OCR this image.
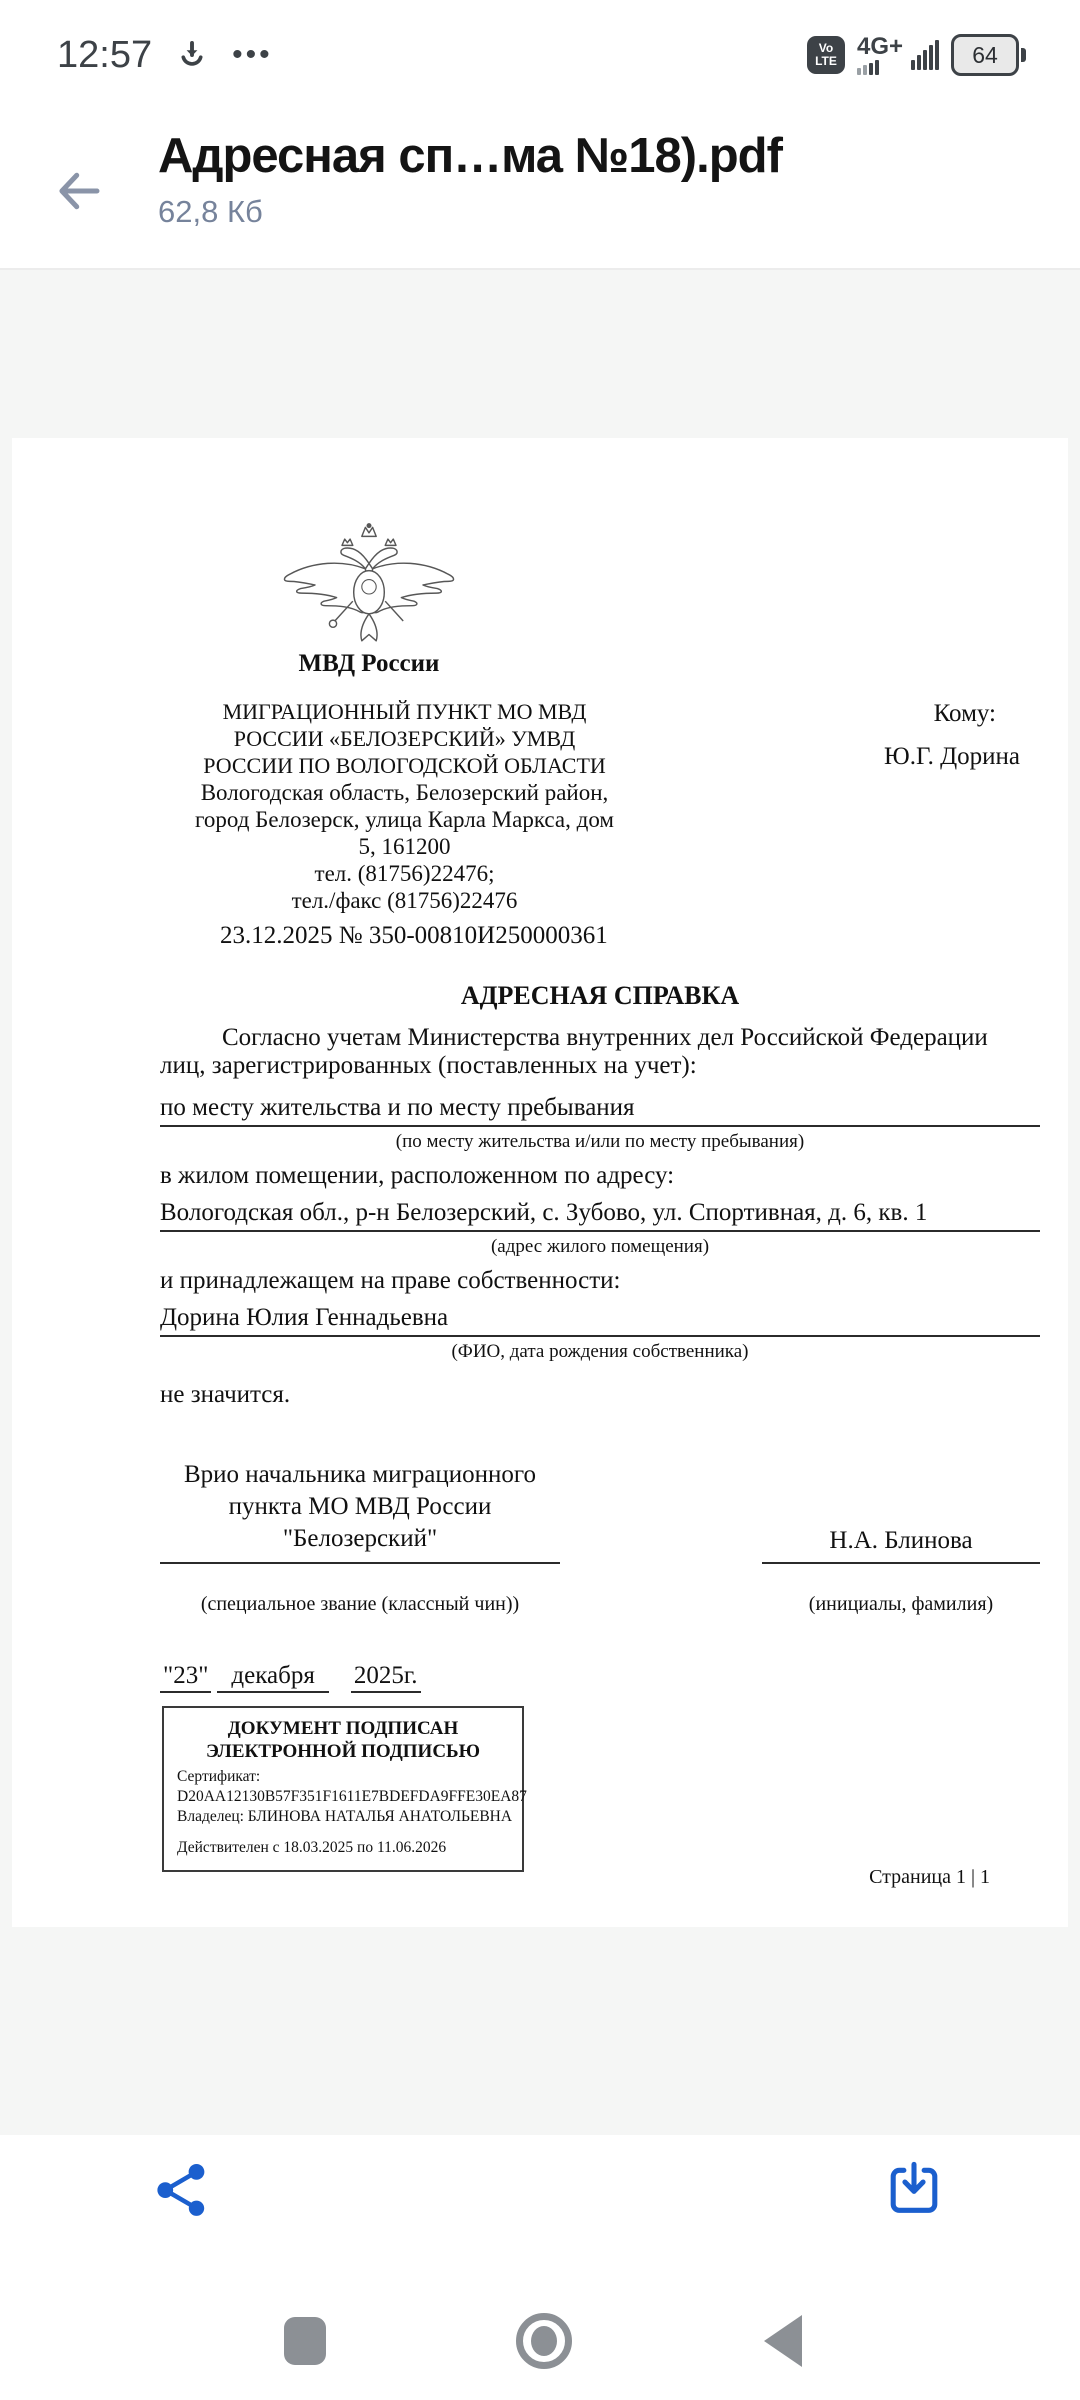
12:57	•••	Vo
LTE
4G+	64
Адресная сп…ма №18).pdf
62,8 Кб
МВД России
МИГРАЦИОННЫЙ ПУНКТ МО МВД
РОССИИ «БЕЛОЗЕРСКИЙ» УМВД
РОССИИ ПО ВОЛОГОДСКОЙ ОБЛАСТИ
Вологодская область, Белозерский район,
город Белозерск, улица Карла Маркса, дом
5, 161200
тел. (81756)22476;
тел./факс (81756)22476
Кому:
Ю.Г. Дорина
23.12.2025 № 350-00810И250000361
АДРЕСНАЯ СПРАВКА
Согласно учетам Министерства внутренних дел Российской Федерации
лиц, зарегистрированных (поставленных на учет):
по месту жительства и по месту пребывания
(по месту жительства и/или по месту пребывания)
в жилом помещении, расположенном по адресу:
Вологодская обл., р-н Белозерский, с. Зубово, ул. Спортивная, д. 6, кв. 1
(адрес жилого помещения)
и принадлежащем на праве собственности:
Дорина Юлия Геннадьевна
(ФИО, дата рождения собственника)
не значится.
Врио начальника миграционного
пункта МО МВД России "Белозерский"	Н.А. Блинова
(специальное звание (классный чин))	(инициалы, фамилия)
"23" декабря 2025г.
ДОКУМЕНТ ПОДПИСАН
ЭЛЕКТРОННОЙ ПОДПИСЬЮ
Сертификат:
D20AA12130B57F351F1611E7BDEFDA9FFE30EA87
Владелец: БЛИНОВА НАТАЛЬЯ АНАТОЛЬЕВНА
Действителен с 18.03.2025 по 11.06.2026
Страница 1 | 1
